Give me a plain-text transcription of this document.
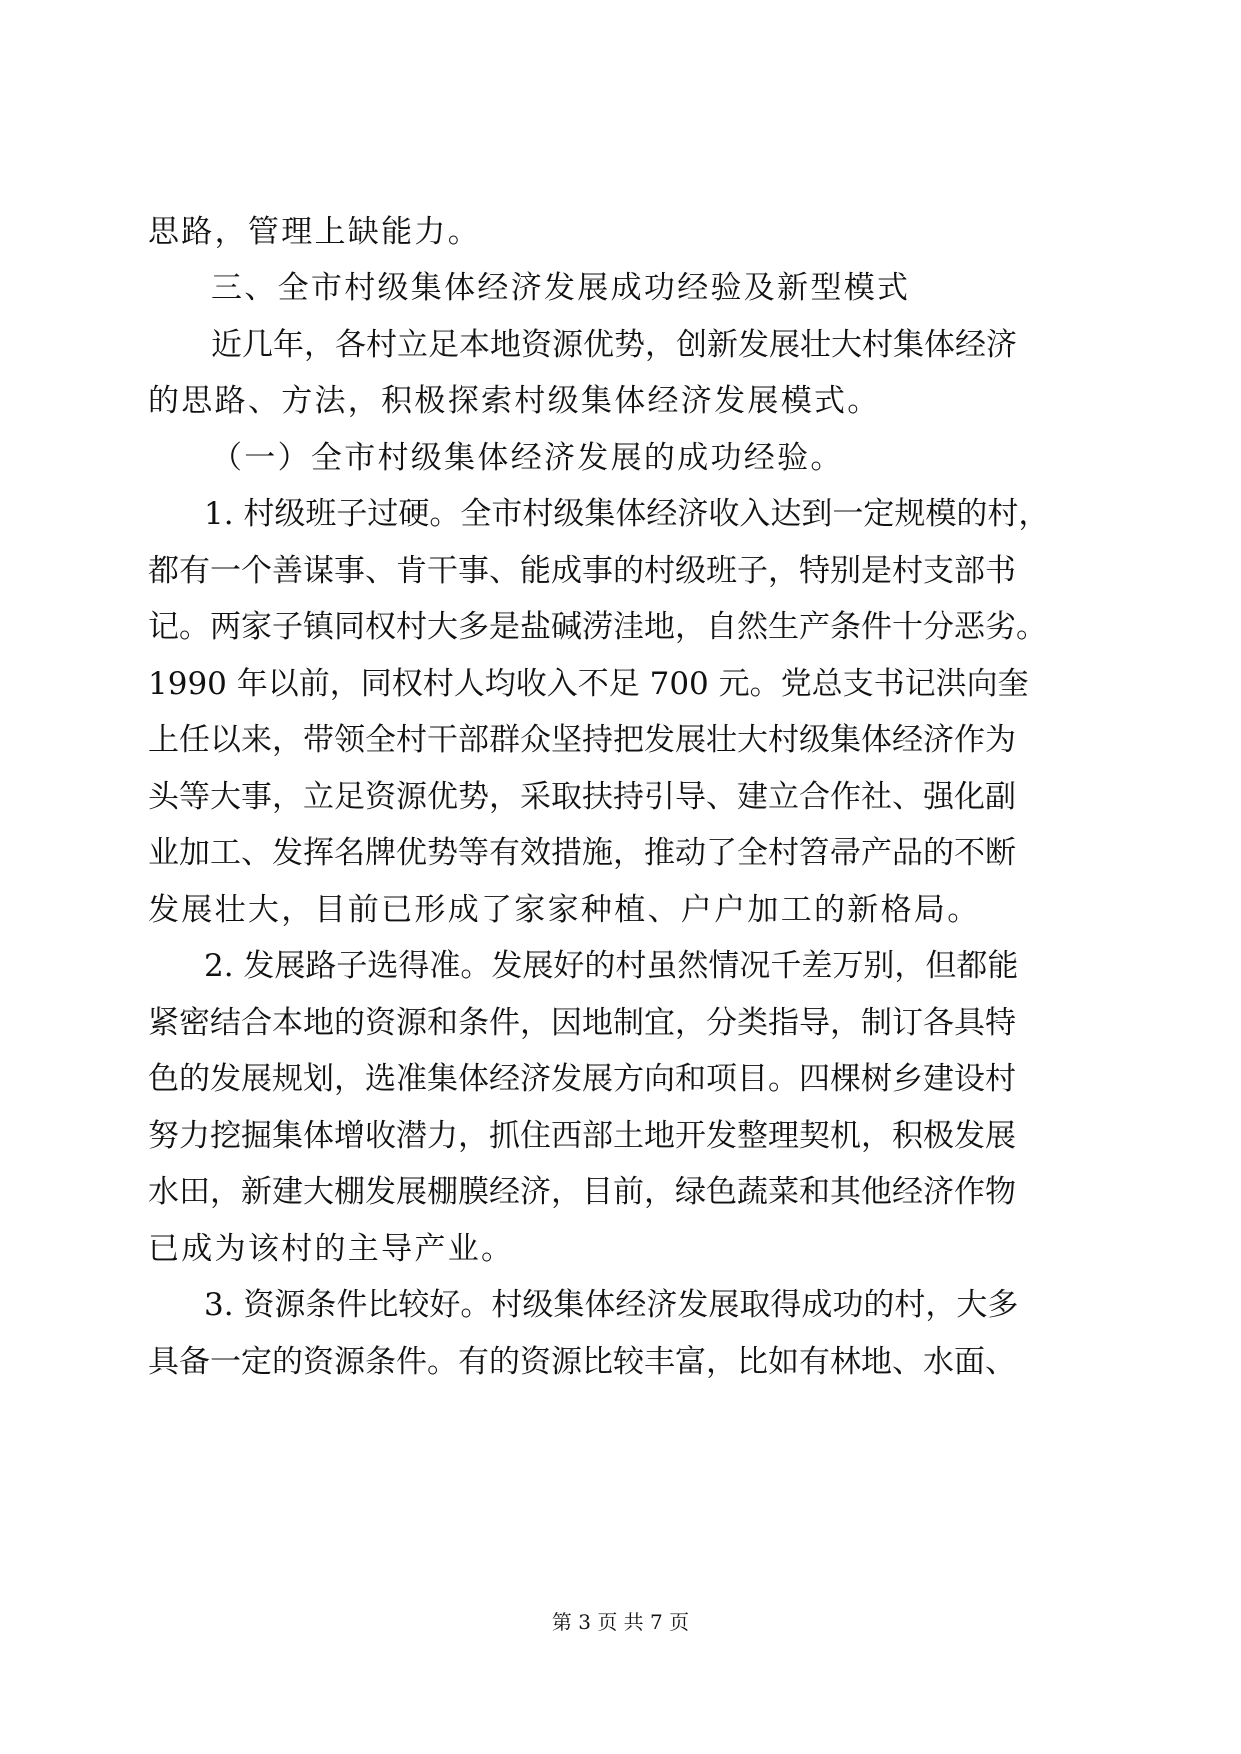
思路，管理上缺能力。
三、全市村级集体经济发展成功经验及新型模式
近几年，各村立足本地资源优势，创新发展壮大村集体经济
的思路、方法，积极探索村级集体经济发展模式。
（一）全市村级集体经济发展的成功经验。
1. 村级班子过硬。全市村级集体经济收入达到一定规模的村，
都有一个善谋事、肯干事、能成事的村级班子，特别是村支部书
记。两家子镇同权村大多是盐碱涝洼地，自然生产条件十分恶劣。
1990 年以前，同权村人均收入不足 700 元。党总支书记洪向奎
上任以来，带领全村干部群众坚持把发展壮大村级集体经济作为
头等大事，立足资源优势，采取扶持引导、建立合作社、强化副
业加工、发挥名牌优势等有效措施，推动了全村笤帚产品的不断
发展壮大，目前已形成了家家种植、户户加工的新格局。
2. 发展路子选得准。发展好的村虽然情况千差万别，但都能
紧密结合本地的资源和条件，因地制宜，分类指导，制订各具特
色的发展规划，选准集体经济发展方向和项目。四棵树乡建设村
努力挖掘集体增收潜力，抓住西部土地开发整理契机，积极发展
水田，新建大棚发展棚膜经济，目前，绿色蔬菜和其他经济作物
已成为该村的主导产业。
3. 资源条件比较好。村级集体经济发展取得成功的村，大多
具备一定的资源条件。有的资源比较丰富，比如有林地、水面、
第 3 页 共 7 页
